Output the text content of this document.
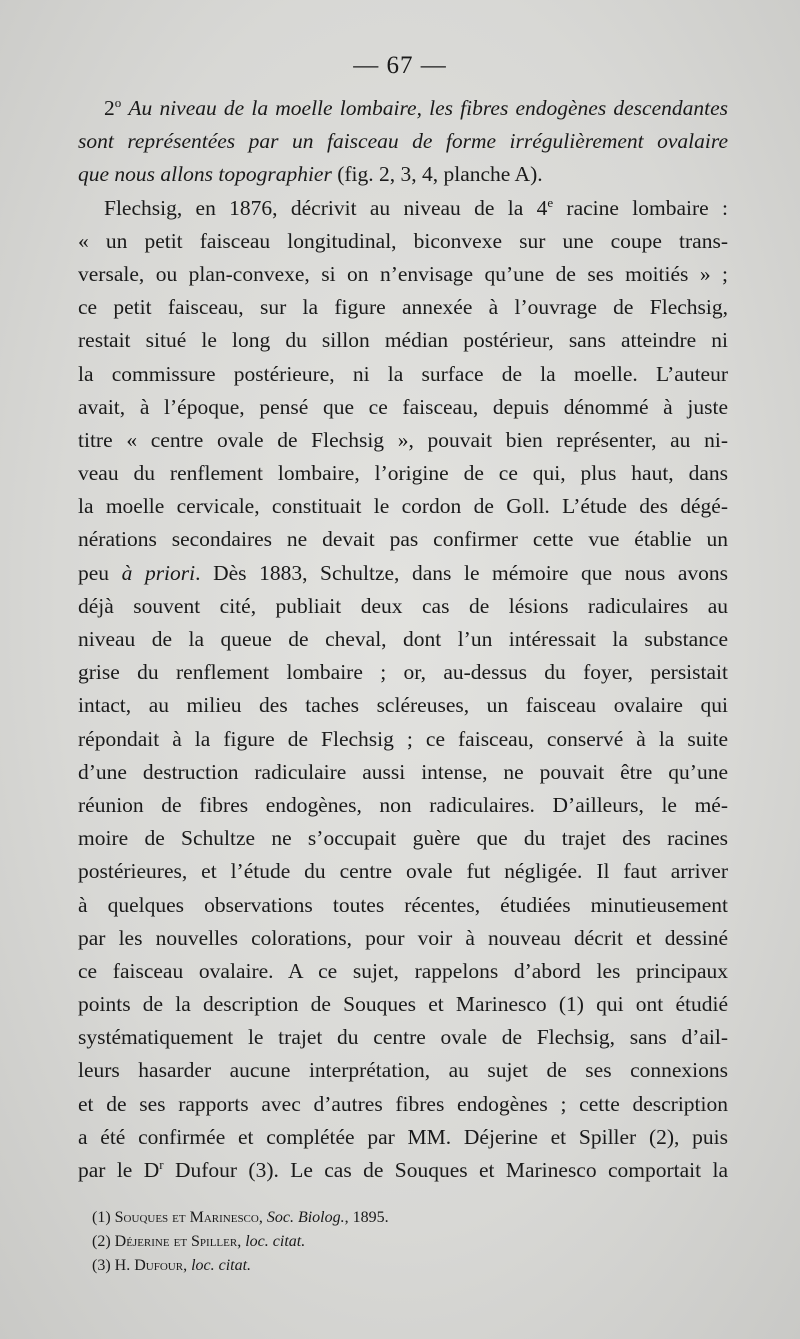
— 67 —
2$^o$ Au niveau de la moelle lombaire, les fibres endogènes descendantes
sont représentées par un faisceau de forme irrégulièrement ovalaire
que nous allons topographier (fig. 2, 3, 4, planche A).
Flechsig, en 1876, décrivit au niveau de la 4e racine lombaire :
« un petit faisceau longitudinal, biconvexe sur une coupe trans-
versale, ou plan-convexe, si on n’envisage qu’une de ses moitiés » ;
ce petit faisceau, sur la figure annexée à l’ouvrage de Flechsig,
restait situé le long du sillon médian postérieur, sans atteindre ni
la commissure postérieure, ni la surface de la moelle. L’auteur
avait, à l’époque, pensé que ce faisceau, depuis dénommé à juste
titre « centre ovale de Flechsig », pouvait bien représenter, au ni-
veau du renflement lombaire, l’origine de ce qui, plus haut, dans
la moelle cervicale, constituait le cordon de Goll. L’étude des dégé-
nérations secondaires ne devait pas confirmer cette vue établie un
peu à priori. Dès 1883, Schultze, dans le mémoire que nous avons
déjà souvent cité, publiait deux cas de lésions radiculaires au
niveau de la queue de cheval, dont l’un intéressait la substance
grise du renflement lombaire ; or, au-dessus du foyer, persistait
intact, au milieu des taches scléreuses, un faisceau ovalaire qui
répondait à la figure de Flechsig ; ce faisceau, conservé à la suite
d’une destruction radiculaire aussi intense, ne pouvait être qu’une
réunion de fibres endogènes, non radiculaires. D’ailleurs, le mé-
moire de Schultze ne s’occupait guère que du trajet des racines
postérieures, et l’étude du centre ovale fut négligée. Il faut arriver
à quelques observations toutes récentes, étudiées minutieusement
par les nouvelles colorations, pour voir à nouveau décrit et dessiné
ce faisceau ovalaire. A ce sujet, rappelons d’abord les principaux
points de la description de Souques et Marinesco (1) qui ont étudié
systématiquement le trajet du centre ovale de Flechsig, sans d’ail-
leurs hasarder aucune interprétation, au sujet de ses connexions
et de ses rapports avec d’autres fibres endogènes ; cette description
a été confirmée et complétée par MM. Déjerine et Spiller (2), puis
par le $D^r$ Dufour (3). Le cas de Souques et Marinesco comportait la
(1) Souques et Marinesco, Soc. Biolog., 1895.
(2) Déjerine et Spiller, loc. citat.
(3) H. Dufour, loc. citat.
